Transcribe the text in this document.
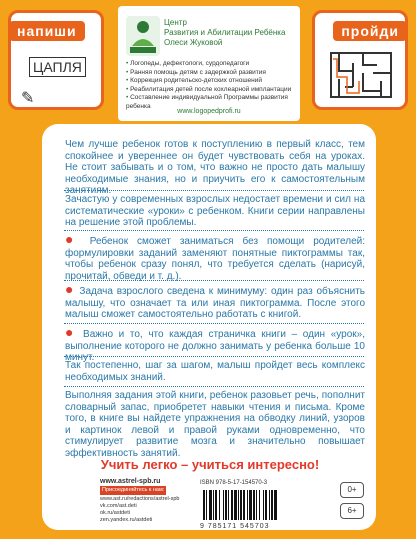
напиши
ЦАПЛЯ
✎
пройди
Центр
Развития и Абилитации Ребёнка
Олеси Жуковой
• Логопеды, дефектологи, сурдопедагоги
• Ранняя помощь детям с задержкой развития
• Коррекция родительско-детских отношений
• Реабилитация детей после кохлеарной имплантации
• Составление индивидуальной Программы развития ребенка
www.logopedprofi.ru
Чем лучше ребенок готов к поступлению в первый класс, тем спокойнее и увереннее он будет чувствовать себя на уроках. Не стоит забывать и о том, что важно не просто дать малышу необходимые знания, но и приучить его к самостоятельным занятиям.
Зачастую у современных взрослых недостает времени и сил на систематические «уроки» с ребенком. Книги серии направлены на решение этой проблемы.
● Ребенок сможет заниматься без помощи родителей: формулировки заданий заменяют понятные пиктограммы так, чтобы ребенок сразу понял, что требуется сделать (нарисуй, прочитай, обведи и т. д.).
● Задача взрослого сведена к минимуму: один раз объяснить малышу, что означает та или иная пиктограмма. После этого малыш сможет самостоятельно работать с книгой.
● Важно и то, что каждая страничка книги – один «урок», выполнение которого не должно занимать у ребенка больше 10 минут.
Так постепенно, шаг за шагом, малыш пройдет весь комплекс необходимых знаний.
Учить легко – учиться интересно!
www.astrel-spb.ru
Присоединяйтесь к нам:
www.ast.ru/redactions/astrel-spb
vk.com/ast.deti
ok.ru/astdeti
zen.yandex.ru/astdeti
ISBN 978-5-17-154570-3
9 785171 545703
0+
6+
Выполняя задания этой книги, ребенок разовьет речь, пополнит словарный запас, приобретет навыки чтения и письма. Кроме того, в книге вы найдете упражнения на обводку линий, узоров и картинок левой и правой руками одновременно, что стимулирует развитие мозга и значительно повышает эффективность занятий.
